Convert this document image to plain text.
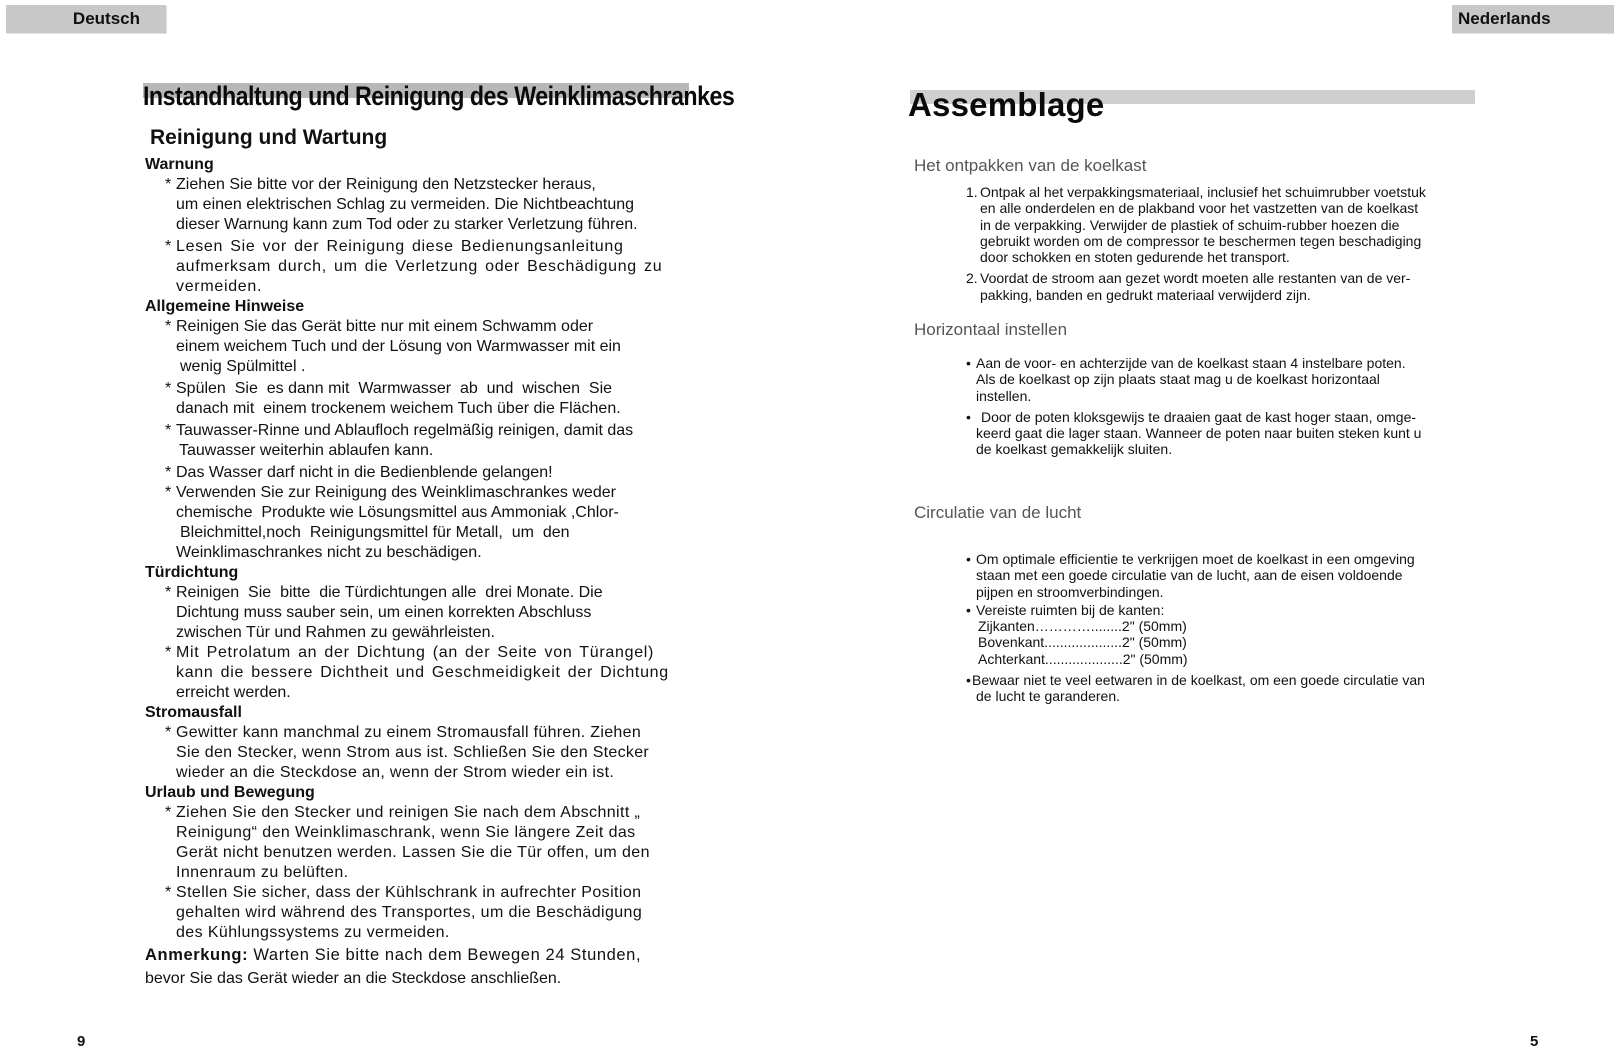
Deutsch
Instandhaltung und Reinigung des Weinklimaschrankes
Reinigung und Wartung

Warnung

* Ziehen Sie bitte vor der Reinigung den Netzstecker heraus,
um einen elektrischen Schlag zu vermeiden. Die Nichtbeachtung
dieser Warnung kann zum Tod oder zu starker Verletzung führen.
* Lesen Sie vor der Reinigung diese Bedienungsanleitung
aufmerksam durch, um die Verletzung oder Beschädigung zu
vermeiden.

Allgemeine Hinweise

* Reinigen Sie das Gerät bitte nur mit einem Schwamm oder
einem weichem Tuch und der Lösung von Warmwasser mit ein
wenig Spülmittel .
* Spülen  Sie  es dann mit  Warmwasser  ab  und  wischen  Sie
danach mit  einem trockenem weichem Tuch über die Flächen.
* Tauwasser-Rinne und Ablaufloch regelmäßig reinigen, damit das
Tauwasser weiterhin ablaufen kann.
* Das Wasser darf nicht in die Bedienblende gelangen!
* Verwenden Sie zur Reinigung des Weinklimaschrankes weder
chemische  Produkte wie Lösungsmittel aus Ammoniak ,Chlor-
Bleichmittel,noch  Reinigungsmittel für Metall,  um  den
Weinklimaschrankes nicht zu beschädigen.

Türdichtung

* Reinigen  Sie  bitte  die Türdichtungen alle  drei Monate. Die
Dichtung muss sauber sein, um einen korrekten Abschluss
zwischen Tür und Rahmen zu gewährleisten.
* Mit Petrolatum an der Dichtung (an der Seite von Türangel)
kann die bessere Dichtheit und Geschmeidigkeit der Dichtung
erreicht werden.

Stromausfall

* Gewitter kann manchmal zu einem Stromausfall führen. Ziehen
Sie den Stecker, wenn Strom aus ist. Schließen Sie den Stecker
wieder an die Steckdose an, wenn der Strom wieder ein ist.

Urlaub und Bewegung

* Ziehen Sie den Stecker und reinigen Sie nach dem Abschnitt „
Reinigung“ den Weinklimaschrank, wenn Sie längere Zeit das
Gerät nicht benutzen werden. Lassen Sie die Tür offen, um den
Innenraum zu belüften.
* Stellen Sie sicher, dass der Kühlschrank in aufrechter Position
gehalten wird während des Transportes, um die Beschädigung
des Kühlungssystems zu vermeiden.
Anmerkung: Warten Sie bitte nach dem Bewegen 24 Stunden,
bevor Sie das Gerät wieder an die Steckdose anschließen.
9
Nederlands
Assemblage
Het ontpakken van de koelkast
1. Ontpak al het verpakkingsmateriaal, inclusief het schuimrubber voetstuk
en alle onderdelen en de plakband voor het vastzetten van de koelkast
in de verpakking. Verwijder de plastiek of schuim-rubber hoezen die
gebruikt worden om de compressor te beschermen tegen beschadiging
door schokken en stoten gedurende het transport.
2. Voordat de stroom aan gezet wordt moeten alle restanten van de ver-
pakking, banden en gedrukt materiaal verwijderd zijn.
Horizontaal instellen
• Aan de voor- en achterzijde van de koelkast staan 4 instelbare poten.
Als de koelkast op zijn plaats staat mag u de koelkast horizontaal
instellen.
• Door de poten kloksgewijs te draaien gaat de kast hoger staan, omge-
keerd gaat die lager staan. Wanneer de poten naar buiten steken kunt u
de koelkast gemakkelijk sluiten.
Circulatie van de lucht
• Om optimale efficientie te verkrijgen moet de koelkast in een omgeving
staan met een goede circulatie van de lucht, aan de eisen voldoende
pijpen en stroomverbindingen.
• Vereiste ruimten bij de kanten:
Zijkanten…………........2" (50mm)
Bovenkant....................2" (50mm)
Achterkant....................2" (50mm)
• Bewaar niet te veel eetwaren in de koelkast, om een goede circulatie van
de lucht te garanderen.
5
